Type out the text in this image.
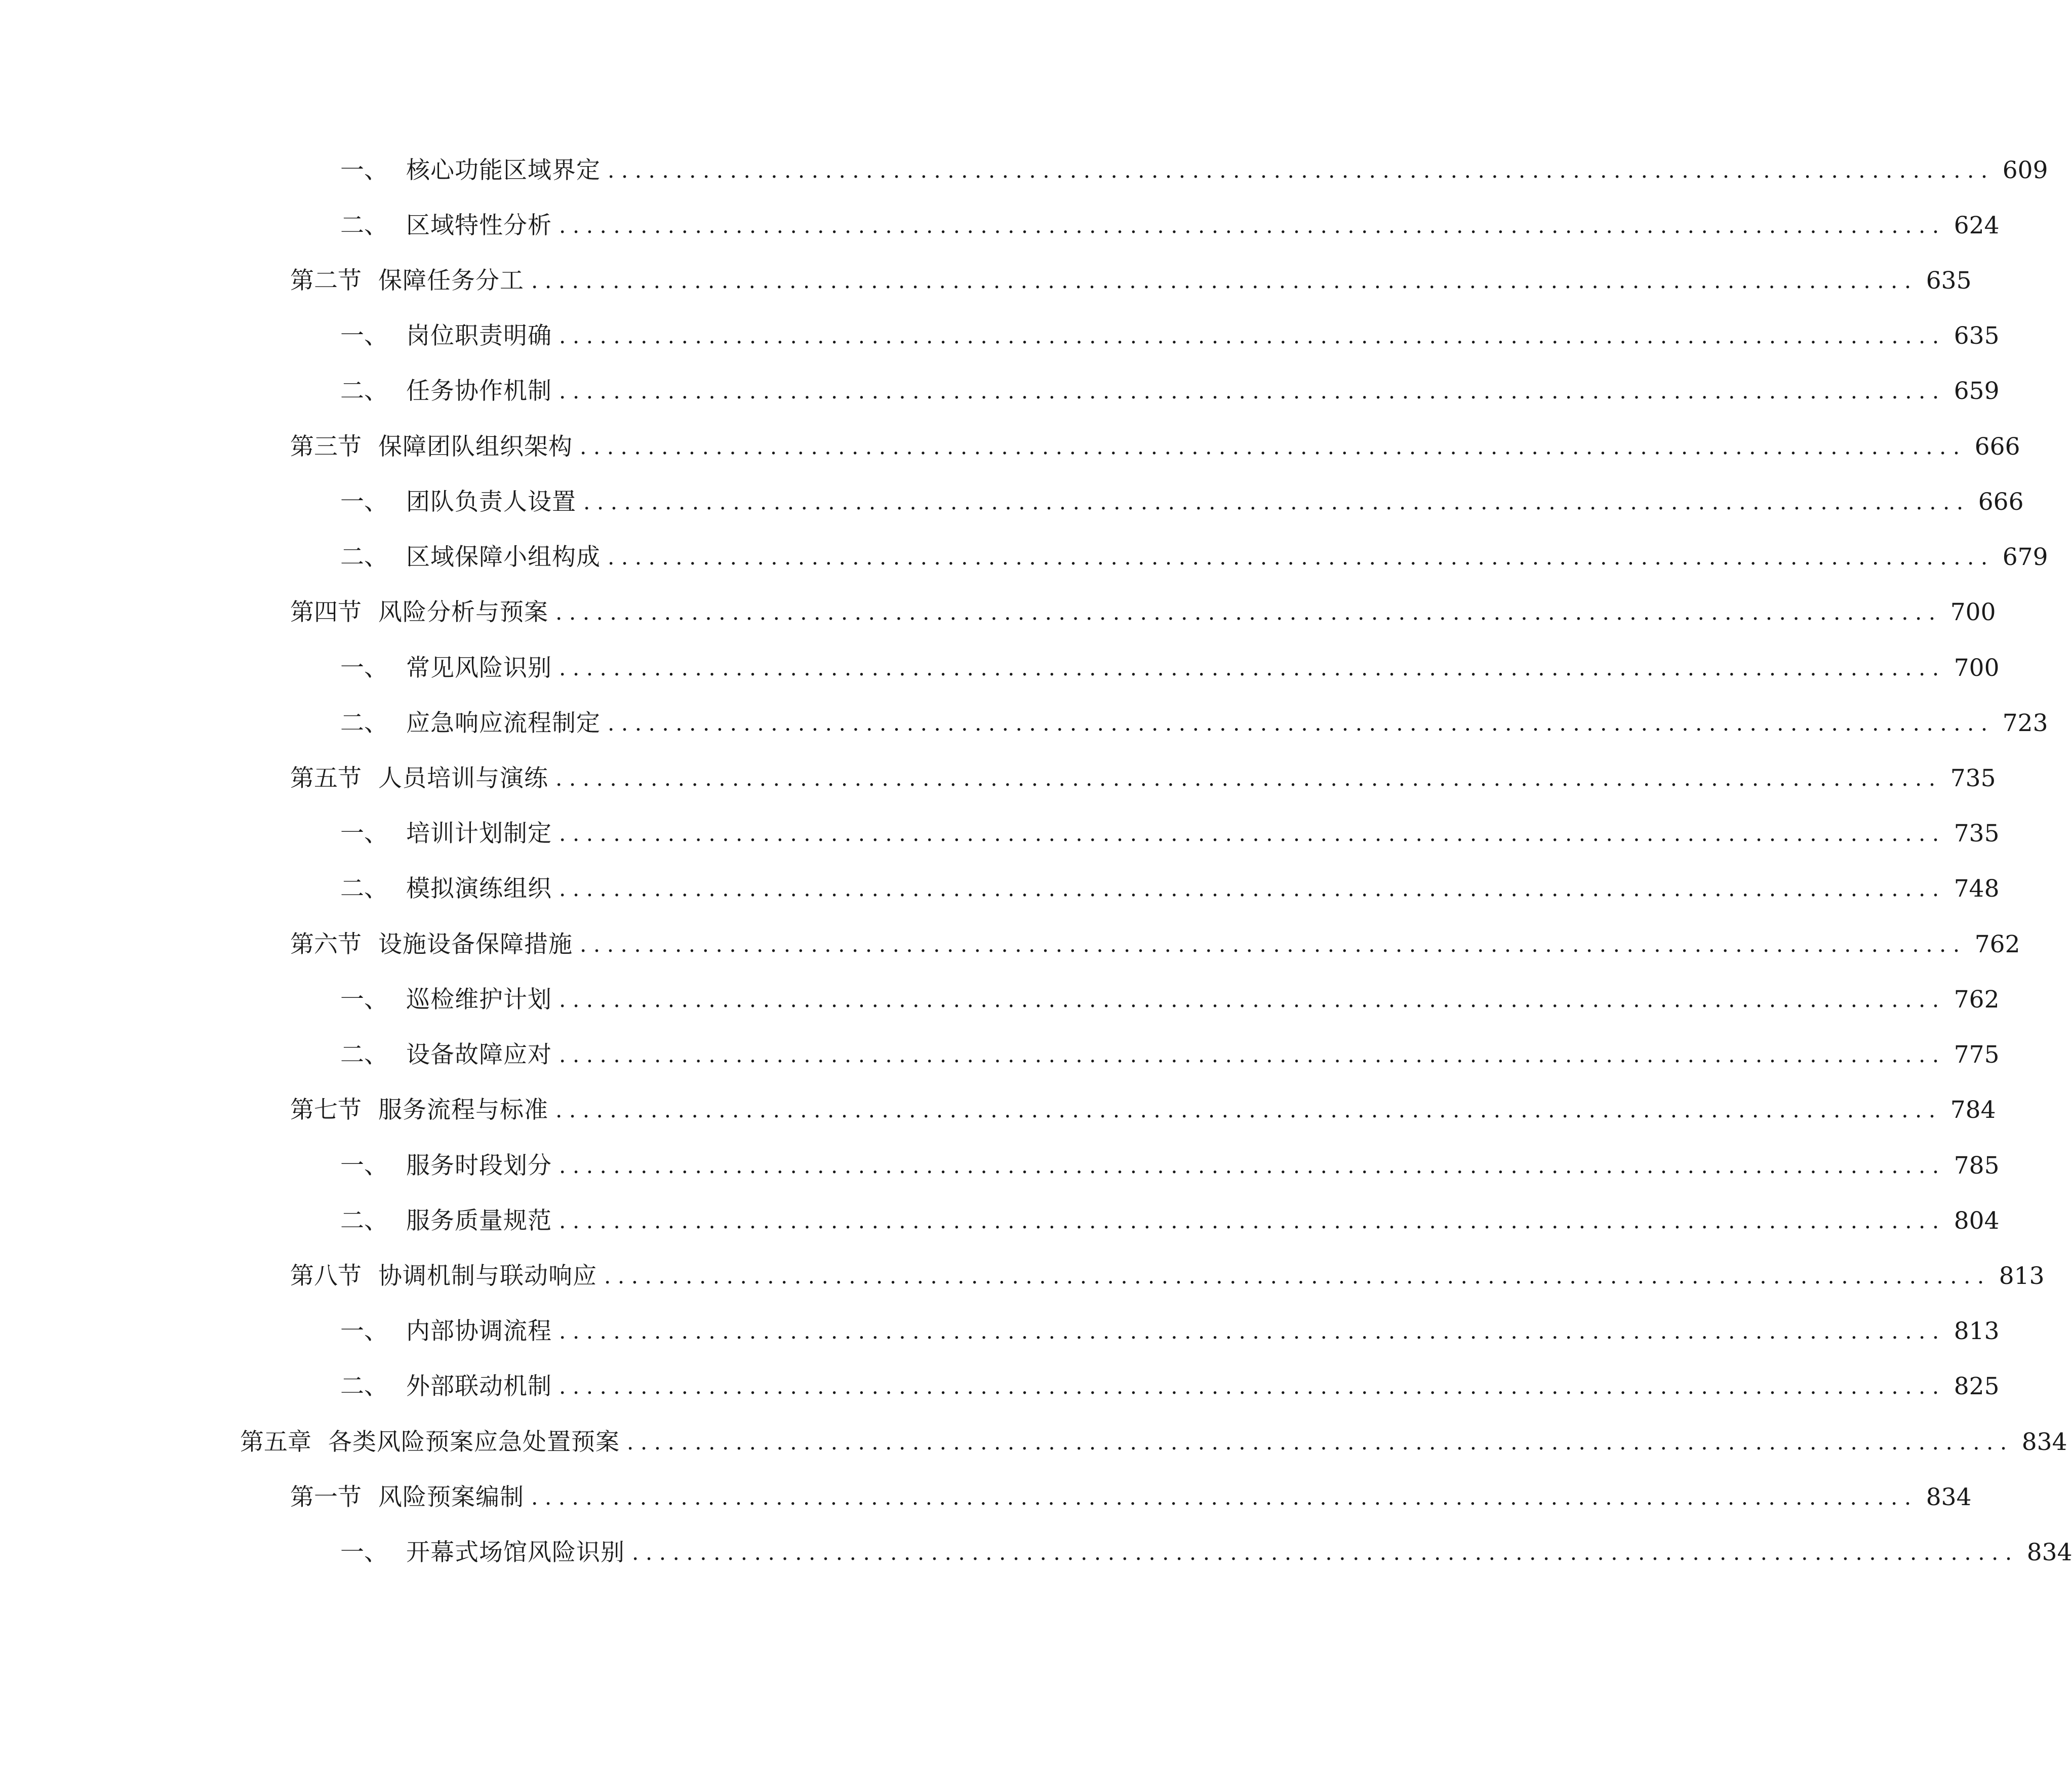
一、 核心功能区域界定 ...................................................................................................... 609
二、 区域特性分析 ...................................................................................................... 624
第二节 保障任务分工 ...................................................................................................... 635
一、 岗位职责明确 ...................................................................................................... 635
二、 任务协作机制 ...................................................................................................... 659
第三节 保障团队组织架构 ...................................................................................................... 666
一、 团队负责人设置 ...................................................................................................... 666
二、 区域保障小组构成 ...................................................................................................... 679
第四节 风险分析与预案 ...................................................................................................... 700
一、 常见风险识别 ...................................................................................................... 700
二、 应急响应流程制定 ...................................................................................................... 723
第五节 人员培训与演练 ...................................................................................................... 735
一、 培训计划制定 ...................................................................................................... 735
二、 模拟演练组织 ...................................................................................................... 748
第六节 设施设备保障措施 ...................................................................................................... 762
一、 巡检维护计划 ...................................................................................................... 762
二、 设备故障应对 ...................................................................................................... 775
第七节 服务流程与标准 ...................................................................................................... 784
一、 服务时段划分 ...................................................................................................... 785
二、 服务质量规范 ...................................................................................................... 804
第八节 协调机制与联动响应 ...................................................................................................... 813
一、 内部协调流程 ...................................................................................................... 813
二、 外部联动机制 ...................................................................................................... 825
第五章 各类风险预案应急处置预案 ...................................................................................................... 834
第一节 风险预案编制 ...................................................................................................... 834
一、 开幕式场馆风险识别 ...................................................................................................... 834
